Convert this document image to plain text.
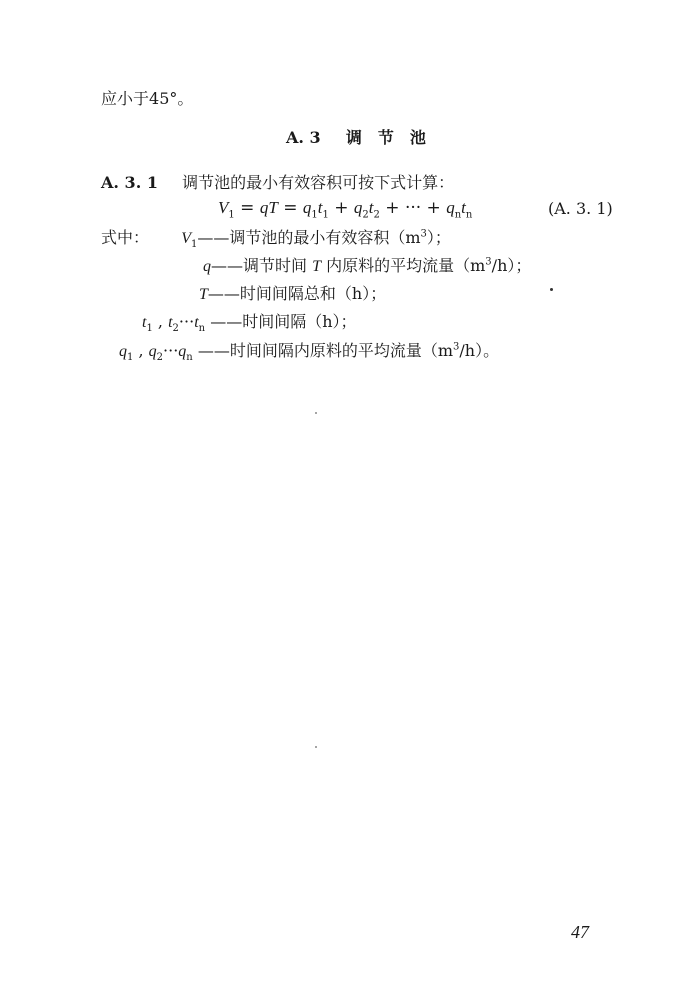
应小于45°。
A. 3 调　节　池
A. 3. 1 调节池的最小有效容积可按下式计算：
$V_1$ = qT = $q_1t_1 + q_2t_2$ + ··· + $q_nt_n$	(A. 3. 1)
式中： $V_1——$调节池的最小有效容积$(m^3)$；
q——调节时间 T 内原料的平均流量$(m^3/h)$；
T——时间间隔总和（h）；
$t_1$ , $t_2\cdot\cdot\cdot t_n$ ——时间间隔（h）；
$q_1$ , $q_2\cdot\cdot\cdot q_n$ ——时间间隔内原料的平均流量$(m^3/h)$。
47
